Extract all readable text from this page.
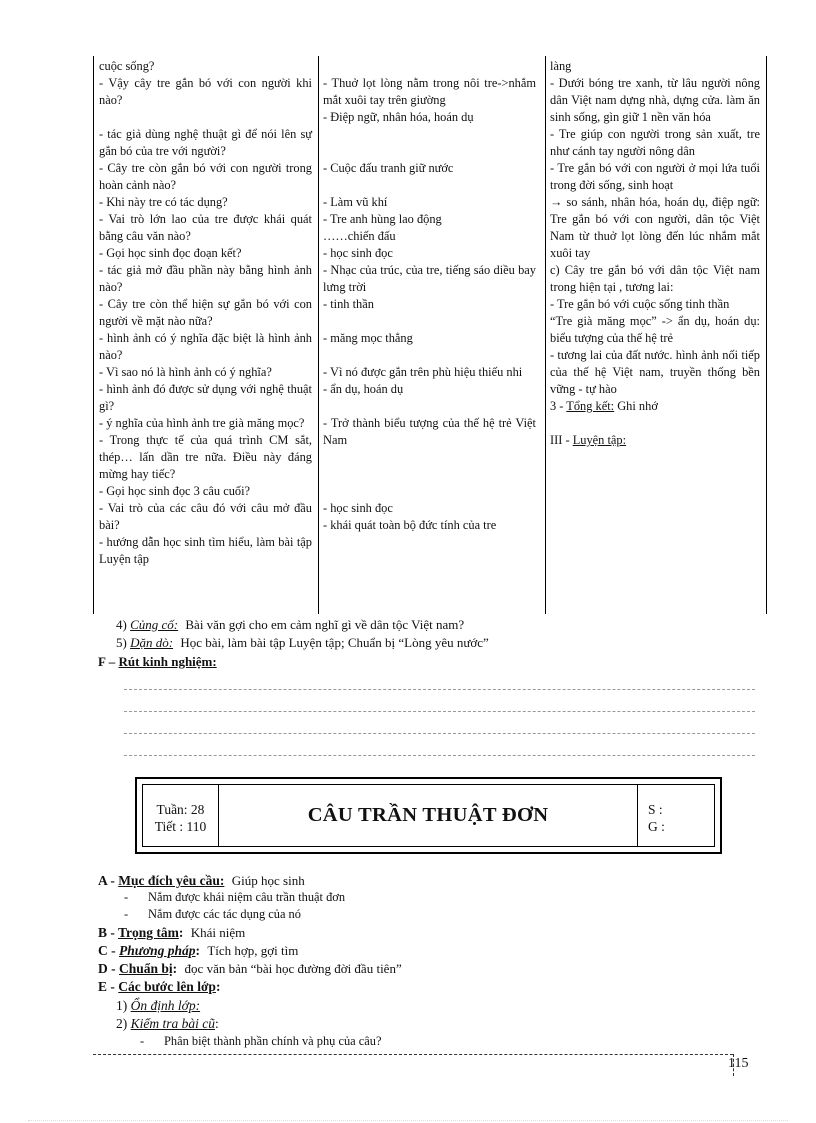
cuộc sống?
- Vậy cây tre gắn bó với con người khi nào?
- tác giả dùng nghệ thuật gì để nói lên sự gắn bó của tre với người?
- Cây tre còn gắn bó với con người trong hoàn cảnh nào?
- Khi này tre có tác dụng?
- Vai trò lớn lao của tre được khái quát bằng câu văn nào?
- Gọi học sinh đọc đoạn kết?
- tác giả mở đầu phần này bằng hình ảnh nào?
- Cây tre còn thể hiện sự gắn bó với con người về mặt nào nữa?
- hình ảnh có ý nghĩa đặc biệt là hình ảnh nào?
- Vì sao nó là hình ảnh có ý nghĩa?
- hình ảnh đó được sử dụng với nghệ thuật gì?
- ý nghĩa của hình ảnh tre già măng mọc?
- Trong thực tế của quá trình CM sắt, thép… lấn dần tre nữa. Điều này đáng mừng hay tiếc?
- Gọi học sinh đọc 3 câu cuối?
- Vai trò của các câu đó với câu mở đầu bài?
- hướng dẫn học sinh tìm hiểu, làm bài tập Luyện tập
- Thuở lọt lòng nằm trong nôi tre->nhắm mắt xuôi tay trên giường
- Điệp ngữ, nhân hóa, hoán dụ
- Cuộc đấu tranh giữ nước
- Làm vũ khí
- Tre anh hùng lao động
……chiến đấu
- học sinh đọc
- Nhạc của trúc, của tre, tiếng sáo diều bay lưng trời
- tinh thần
- măng mọc thẳng
- Vì nó được gắn trên phù hiệu thiếu nhi
- ẩn dụ, hoán dụ
- Trở thành biểu tượng của thế hệ trẻ Việt Nam
- học sinh đọc
- khái quát toàn bộ đức tính của tre
làng
- Dưới bóng tre xanh, từ lâu người nông dân Việt nam dựng nhà, dựng cửa. làm ăn sinh sống, gìn giữ 1 nền văn hóa
- Tre giúp con người trong sản xuất, tre như cánh tay người nông dân
- Tre gắn bó với con người ở mọi lứa tuổi trong đời sống, sinh hoạt
→ so sánh, nhân hóa, hoán dụ, điệp ngữ: Tre gắn bó với con người, dân tộc Việt Nam từ thuở lọt lòng đến lúc nhắm mắt xuôi tay
c) Cây tre gắn bó với dân tộc Việt nam trong hiện tại , tương lai:
- Tre gắn bó với cuộc sống tinh thần
“Tre già măng mọc” -> ẩn dụ, hoán dụ: biểu tượng của thế hệ trẻ
- tương lai của đất nước. hình ảnh nối tiếp của thế hệ Việt nam, truyền thống bền vững - tự hào
3 - Tổng kết: Ghi nhớ
III - Luyện tập:
4) Củng cố: Bài văn gợi cho em cảm nghĩ gì về dân tộc Việt nam?
5) Dặn dò: Học bài, làm bài tập Luyện tập; Chuẩn bị “Lòng yêu nước”
F – Rút kinh nghiệm:
Tuần: 28
Tiết : 110
CÂU TRẦN THUẬT ĐƠN	S :
G :
A - Mục đích yêu cầu: Giúp học sinh
- Nắm được khái niệm câu trần thuật đơn
- Nắm được các tác dụng của nó
B - Trọng tâm: Khái niệm
C - Phương pháp: Tích hợp, gợi tìm
D - Chuẩn bị: đọc văn bản “bài học đường đời đầu tiên”
E - Các bước lên lớp:
1) Ổn định lớp:
2) Kiểm tra bài cũ:
- Phân biệt thành phần chính và phụ của câu?
115
